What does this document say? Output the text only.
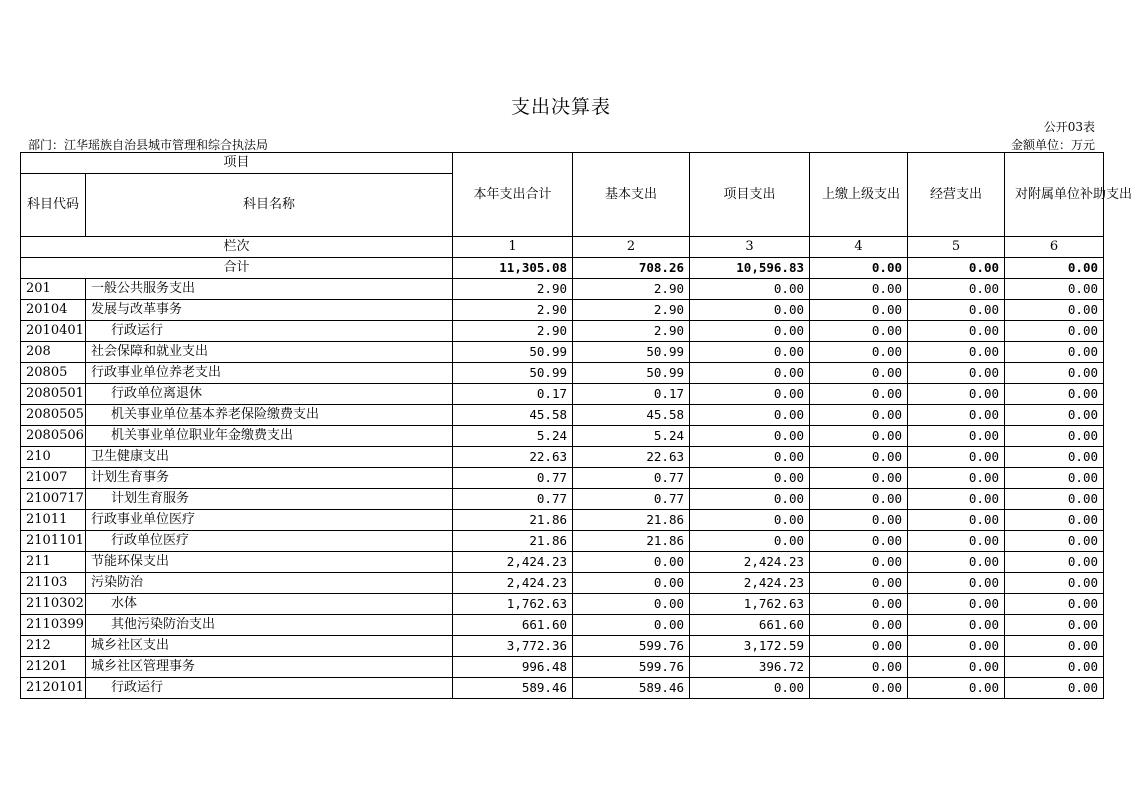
支出决算表
公开03表
部门：江华瑶族自治县城市管理和综合执法局	金额单位：万元
项目		本年支出合计	基本支出	项目支出	上缴上级支出	经营支出	对附属单位补助支出
科目代码	科目名称						
栏次		1	2	3	4	5	6
合计		11,305.08	708.26	10,596.83	0.00	0.00	0.00
201	一般公共服务支出	2.90	2.90	0.00	0.00	0.00	0.00
20104	发展与改革事务	2.90	2.90	0.00	0.00	0.00	0.00
2010401	行政运行	2.90	2.90	0.00	0.00	0.00	0.00
208	社会保障和就业支出	50.99	50.99	0.00	0.00	0.00	0.00
20805	行政事业单位养老支出	50.99	50.99	0.00	0.00	0.00	0.00
2080501	行政单位离退休	0.17	0.17	0.00	0.00	0.00	0.00
2080505	机关事业单位基本养老保险缴费支出	45.58	45.58	0.00	0.00	0.00	0.00
2080506	机关事业单位职业年金缴费支出	5.24	5.24	0.00	0.00	0.00	0.00
210	卫生健康支出	22.63	22.63	0.00	0.00	0.00	0.00
21007	计划生育事务	0.77	0.77	0.00	0.00	0.00	0.00
2100717	计划生育服务	0.77	0.77	0.00	0.00	0.00	0.00
21011	行政事业单位医疗	21.86	21.86	0.00	0.00	0.00	0.00
2101101	行政单位医疗	21.86	21.86	0.00	0.00	0.00	0.00
211	节能环保支出	2,424.23	0.00	2,424.23	0.00	0.00	0.00
21103	污染防治	2,424.23	0.00	2,424.23	0.00	0.00	0.00
2110302	水体	1,762.63	0.00	1,762.63	0.00	0.00	0.00
2110399	其他污染防治支出	661.60	0.00	661.60	0.00	0.00	0.00
212	城乡社区支出	3,772.36	599.76	3,172.59	0.00	0.00	0.00
21201	城乡社区管理事务	996.48	599.76	396.72	0.00	0.00	0.00
2120101	行政运行	589.46	589.46	0.00	0.00	0.00	0.00
